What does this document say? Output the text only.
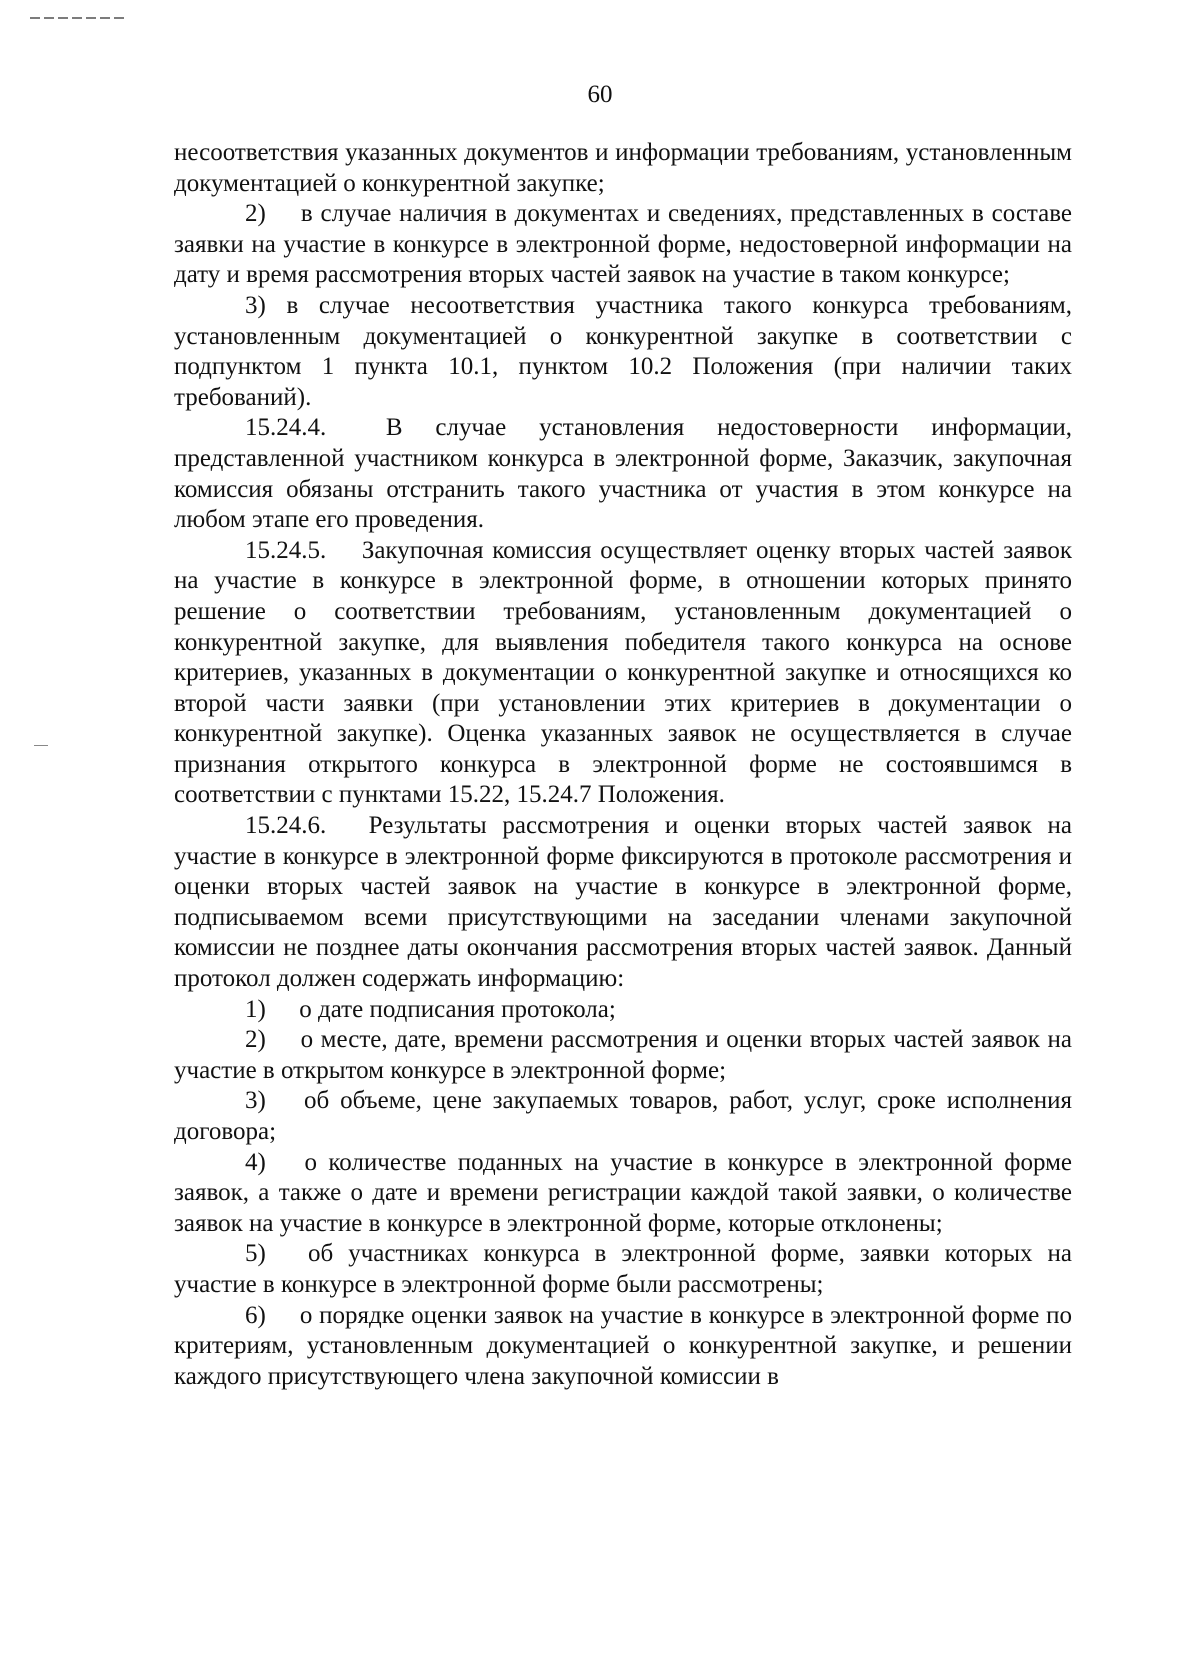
60

несоответствия указанных документов и информации требованиям, установленным документацией о конкурентной закупке;

2) в случае наличия в документах и сведениях, представленных в составе заявки на участие в конкурсе в электронной форме, недостоверной информации на дату и время рассмотрения вторых частей заявок на участие в таком конкурсе;

3) в случае несоответствия участника такого конкурса требованиям, установленным документацией о конкурентной закупке в соответствии с подпунктом 1 пункта 10.1, пунктом 10.2 Положения (при наличии таких требований).

15.24.4. В случае установления недостоверности информации, представленной участником конкурса в электронной форме, Заказчик, закупочная комиссия обязаны отстранить такого участника от участия в этом конкурсе на любом этапе его проведения.

15.24.5. Закупочная комиссия осуществляет оценку вторых частей заявок на участие в конкурсе в электронной форме, в отношении которых принято решение о соответствии требованиям, установленным документацией о конкурентной закупке, для выявления победителя такого конкурса на основе критериев, указанных в документации о конкурентной закупке и относящихся ко второй части заявки (при установлении этих критериев в документации о конкурентной закупке). Оценка указанных заявок не осуществляется в случае признания открытого конкурса в электронной форме не состоявшимся в соответствии с пунктами 15.22, 15.24.7 Положения.

15.24.6. Результаты рассмотрения и оценки вторых частей заявок на участие в конкурсе в электронной форме фиксируются в протоколе рассмотрения и оценки вторых частей заявок на участие в конкурсе в электронной форме, подписываемом всеми присутствующими на заседании членами закупочной комиссии не позднее даты окончания рассмотрения вторых частей заявок. Данный протокол должен содержать информацию:

1) о дате подписания протокола;

2) о месте, дате, времени рассмотрения и оценки вторых частей заявок на участие в открытом конкурсе в электронной форме;

3) об объеме, цене закупаемых товаров, работ, услуг, сроке исполнения договора;

4) о количестве поданных на участие в конкурсе в электронной форме заявок, а также о дате и времени регистрации каждой такой заявки, о количестве заявок на участие в конкурсе в электронной форме, которые отклонены;

5) об участниках конкурса в электронной форме, заявки которых на участие в конкурсе в электронной форме были рассмотрены;

6) о порядке оценки заявок на участие в конкурсе в электронной форме по критериям, установленным документацией о конкурентной закупке, и решении каждого присутствующего члена закупочной комиссии в
